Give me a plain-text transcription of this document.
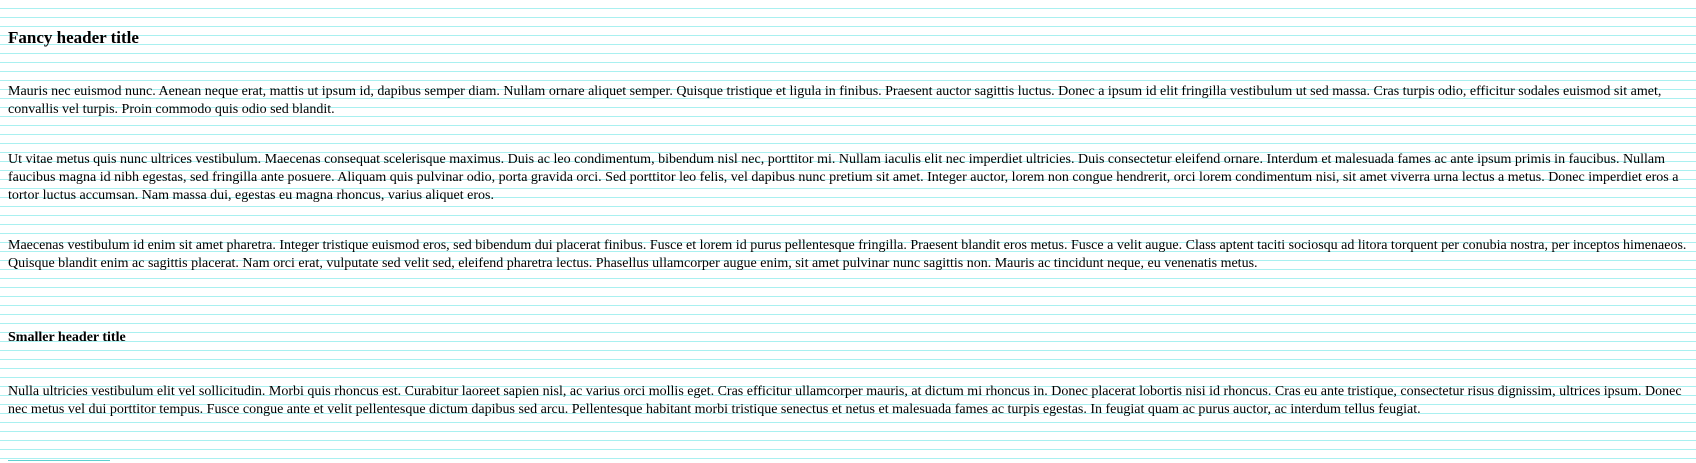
Fancy header title

Mauris nec euismod nunc. Aenean neque erat, mattis ut ipsum id, dapibus semper diam. Nullam ornare aliquet semper. Quisque tristique et ligula in finibus. Praesent auctor sagittis luctus. Donec a ipsum id elit fringilla vestibulum ut sed massa. Cras turpis odio, efficitur sodales euismod sit amet, convallis vel turpis. Proin commodo quis odio sed blandit.

Ut vitae metus quis nunc ultrices vestibulum. Maecenas consequat scelerisque maximus. Duis ac leo condimentum, bibendum nisl nec, porttitor mi. Nullam iaculis elit nec imperdiet ultricies. Duis consectetur eleifend ornare. Interdum et malesuada fames ac ante ipsum primis in faucibus. Nullam faucibus magna id nibh egestas, sed fringilla ante posuere. Aliquam quis pulvinar odio, porta gravida orci. Sed porttitor leo felis, vel dapibus nunc pretium sit amet. Integer auctor, lorem non congue hendrerit, orci lorem condimentum nisi, sit amet viverra urna lectus a metus. Donec imperdiet eros a tortor luctus accumsan. Nam massa dui, egestas eu magna rhoncus, varius aliquet eros.

Maecenas vestibulum id enim sit amet pharetra. Integer tristique euismod eros, sed bibendum dui placerat finibus. Fusce et lorem id purus pellentesque fringilla. Praesent blandit eros metus. Fusce a velit augue. Class aptent taciti sociosqu ad litora torquent per conubia nostra, per inceptos himenaeos. Quisque blandit enim ac sagittis placerat. Nam orci erat, vulputate sed velit sed, eleifend pharetra lectus. Phasellus ullamcorper augue enim, sit amet pulvinar nunc sagittis non. Mauris ac tincidunt neque, eu venenatis metus.

Smaller header title

Nulla ultricies vestibulum elit vel sollicitudin. Morbi quis rhoncus est. Curabitur laoreet sapien nisl, ac varius orci mollis eget. Cras efficitur ullamcorper mauris, at dictum mi rhoncus in. Donec placerat lobortis nisi id rhoncus. Cras eu ante tristique, consectetur risus dignissim, ultrices ipsum. Donec nec metus vel dui porttitor tempus. Fusce congue ante et velit pellentesque dictum dapibus sed arcu. Pellentesque habitant morbi tristique senectus et netus et malesuada fames ac turpis egestas. In feugiat quam ac purus auctor, ac interdum tellus feugiat.
